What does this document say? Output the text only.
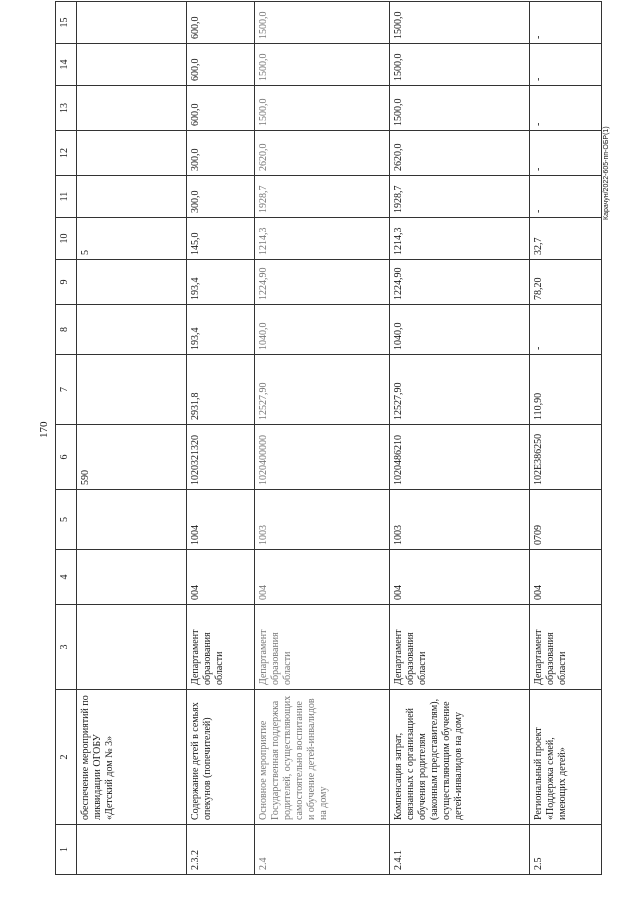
170
Карачун/2022-605-пп-ОБР(1)
1	2	3	4	5	6	7	8	9	10	11	12	13	14	15
	обеспечение мероприятий по ликвидации ОГОБУ «Детский дом № 3»				590				5					
2.3.2	Содержание детей в семьях опекунов (попечителей)	Департамент образования области	004	1004	1020321320	2931,8	193,4	193,4	145,0	300,0	300,0	600,0	600,0	600,0
2.4	Основное мероприятие Государственная поддержка родителей, осуществляющих самостоятельно воспитание и обучение детей-инвалидов на дому	Департамент образования области	004	1003	1020400000	12527,90	1040,0	1224,90	1214,3	1928,7	2620,0	1500,0	1500,0	1500,0
2.4.1	Компенсация затрат, связанных с организацией обучения родителям (законным представителям), осуществляющим обучение детей-инвалидов на дому	Департамент образования области	004	1003	1020486210	12527,90	1040,0	1224,90	1214,3	1928,7	2620,0	1500,0	1500,0	1500,0
2.5	Региональный проект «Поддержка семей, имеющих детей»	Департамент образования области	004	0709	102Е386250	110,90	-	78,20	32,7	-	-	-	-	-
